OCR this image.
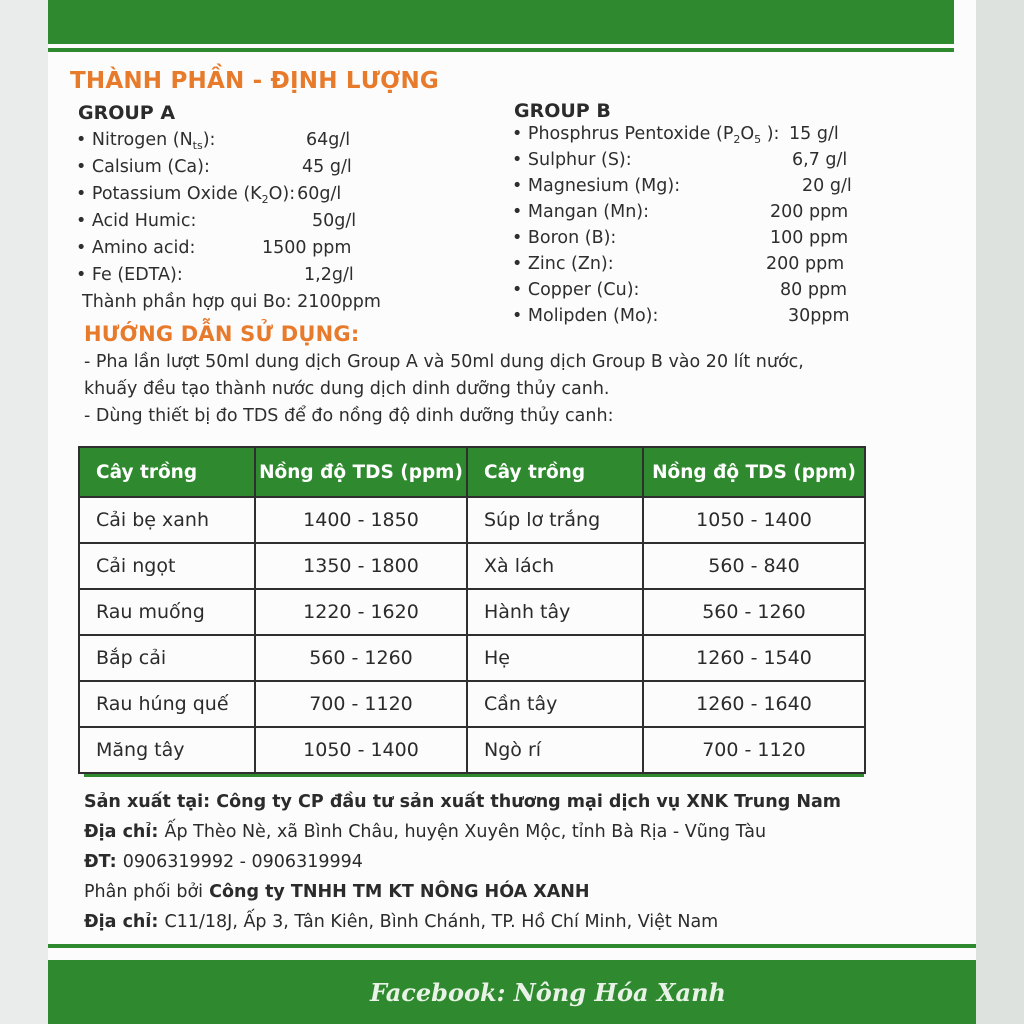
THÀNH PHẦN - ĐỊNH LƯỢNG
GROUP A
• Nitrogen $(N_{ts})$:	64g/l
• Calsium (Ca):	45 g/l
• Potassium Oxide $(K_2O)$: 60g/l
• Acid Humic:	50g/l
• Amino acid:	1500 ppm
• Fe (EDTA):	1,2g/l
Thành phần hợp qui Bo: 2100ppm
GROUP B
• Phosphrus Pentoxide ($P_2O_5$ ): 15 g/l
• Sulphur (S):	6,7 g/l
• Magnesium (Mg):	20 g/l
• Mangan (Mn):	200 ppm
• Boron (B):	100 ppm
• Zinc (Zn):	200 ppm
• Copper (Cu):	80 ppm
• Molipden (Mo):	30ppm
HƯỚNG DẪN SỬ DỤNG:
- Pha lần lượt 50ml dung dịch Group A và 50ml dung dịch Group B vào 20 lít nước,
khuấy đều tạo thành nước dung dịch dinh dưỡng thủy canh.
- Dùng thiết bị đo TDS để đo nồng độ dinh dưỡng thủy canh:
Cây trồng	Nồng độ TDS (ppm)	Cây trồng	Nồng độ TDS (ppm)
Cải bẹ xanh	1400 - 1850	Súp lơ trắng	1050 - 1400
Cải ngọt	1350 - 1800	Xà lách	560 - 840
Rau muống	1220 - 1620	Hành tây	560 - 1260
Bắp cải	560 - 1260	Hẹ	1260 - 1540
Rau húng quế	700 - 1120	Cần tây	1260 - 1640
Măng tây	1050 - 1400	Ngò rí	700 - 1120
Sản xuất tại: Công ty CP đầu tư sản xuất thương mại dịch vụ XNK Trung Nam
Địa chỉ: Ấp Thèo Nè, xã Bình Châu, huyện Xuyên Mộc, tỉnh Bà Rịa - Vũng Tàu
ĐT: 0906319992 - 0906319994
Phân phối bởi Công ty TNHH TM KT NÔNG HÓA XANH
Địa chỉ: C11/18J, Ấp 3, Tân Kiên, Bình Chánh, TP. Hồ Chí Minh, Việt Nam
Facebook: Nông Hóa Xanh
